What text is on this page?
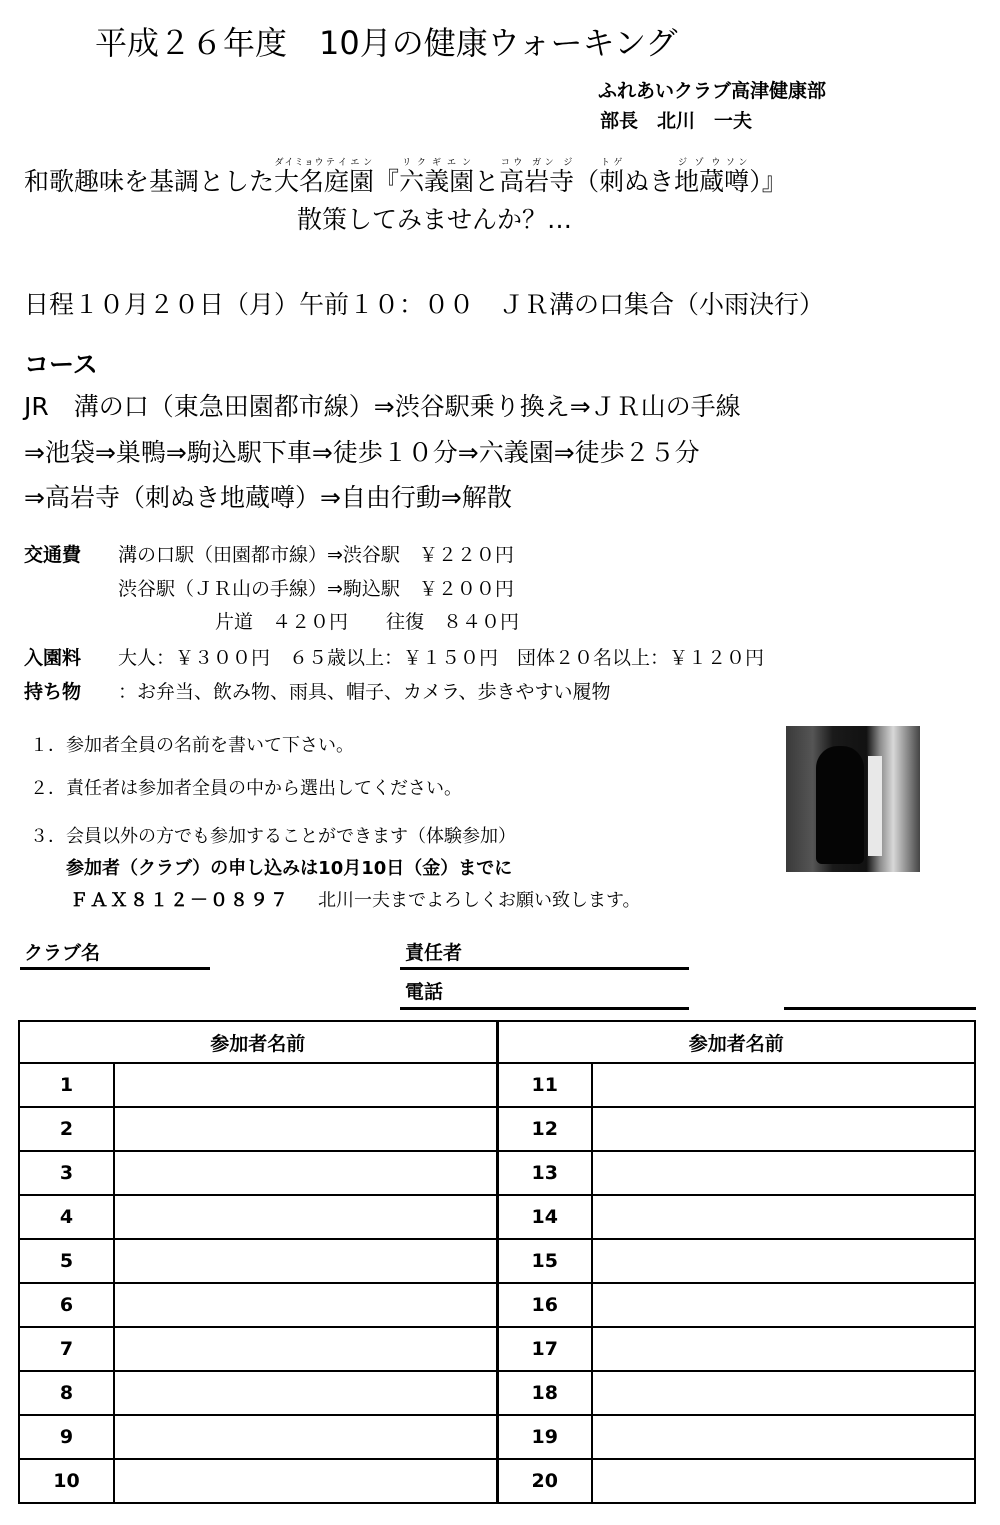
平成２６年度　10月の健康ウォーキング
ふれあいクラブ高津健康部
部長　北川　一夫
和歌趣味を基調とした大名ダイミョウ庭園テイエン『六義園リクギエンと高岩寺コウ ガン ジ（刺トゲぬき地蔵ジゾウ噂ソン）』
散策してみませんか？…
日程１０月２０日（月）午前１０：００　ＪＲ溝の口集合（小雨決行）
コース
JR　溝の口（東急田園都市線）⇒渋谷駅乗り換え⇒ＪＲ山の手線
⇒池袋⇒巣鴨⇒駒込駅下車⇒徒歩１０分⇒六義園⇒徒歩２５分
⇒高岩寺（刺ぬき地蔵噂）⇒自由行動⇒解散
交通費 溝の口駅（田園都市線）⇒渋谷駅　￥２２０円
渋谷駅（ＪＲ山の手線）⇒駒込駅　￥２００円
片道　４２０円　　往復　８４０円
入園料 大人：￥３００円　６５歳以上：￥１５０円　団体２０名以上：￥１２０円
持ち物 ：お弁当、飲み物、雨具、帽子、カメラ、歩きやすい履物
１．参加者全員の名前を書いて下さい。
２．責任者は参加者全員の中から選出してください。
３．会員以外の方でも参加することができます（体験参加）
参加者（クラブ）の申し込みは10月10日（金）までに
ＦＡＸ８１２－０８９７ 北川一夫までよろしくお願い致します。
クラブ名	責任者
電話
参加者名前		参加者名前	
1		11	
2		12	
3		13	
4		14	
5		15	
6		16	
7		17	
8		18	
9		19	
10		20	
